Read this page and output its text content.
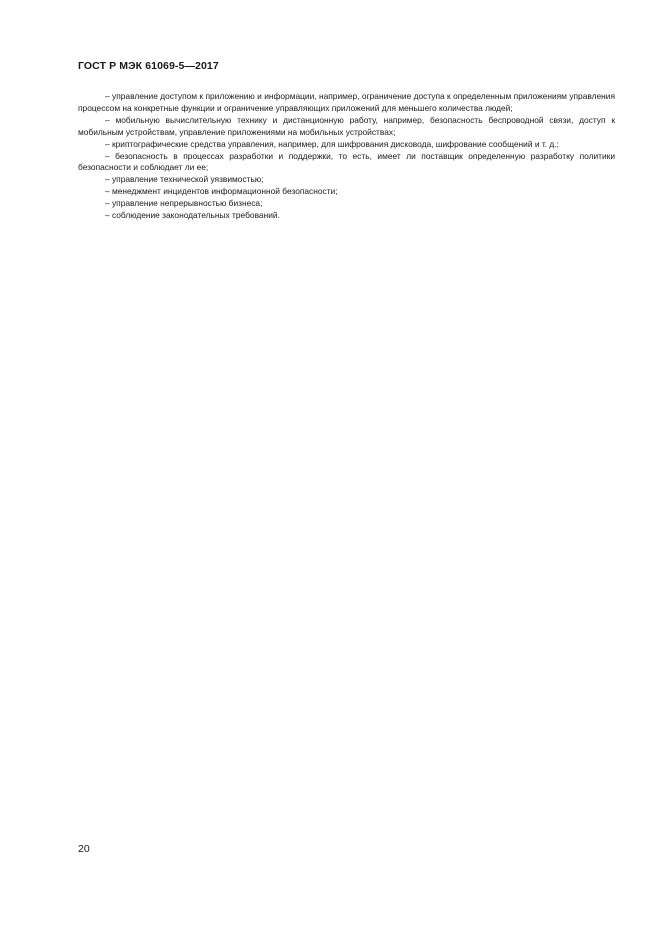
ГОСТ Р МЭК 61069-5—2017

– управление доступом к приложению и информации, например, ограничение доступа к определенным приложениям управления процессом на конкретные функции и ограничение управляющих приложений для меньшего количества людей;

– мобильную вычислительную технику и дистанционную работу, например, безопасность беспроводной связи, доступ к мобильным устройствам, управление приложениями на мобильных устройствах;

– криптографические средства управления, например, для шифрования дисковода, шифрование сообщений и т. д.;

– безопасность в процессах разработки и поддержки, то есть, имеет ли поставщик определенную разработку политики безопасности и соблюдает ли ее;

– управление технической уязвимостью;

– менеджмент инцидентов информационной безопасности;

– управление непрерывностью бизнеса;

– соблюдение законодательных требований.

20
